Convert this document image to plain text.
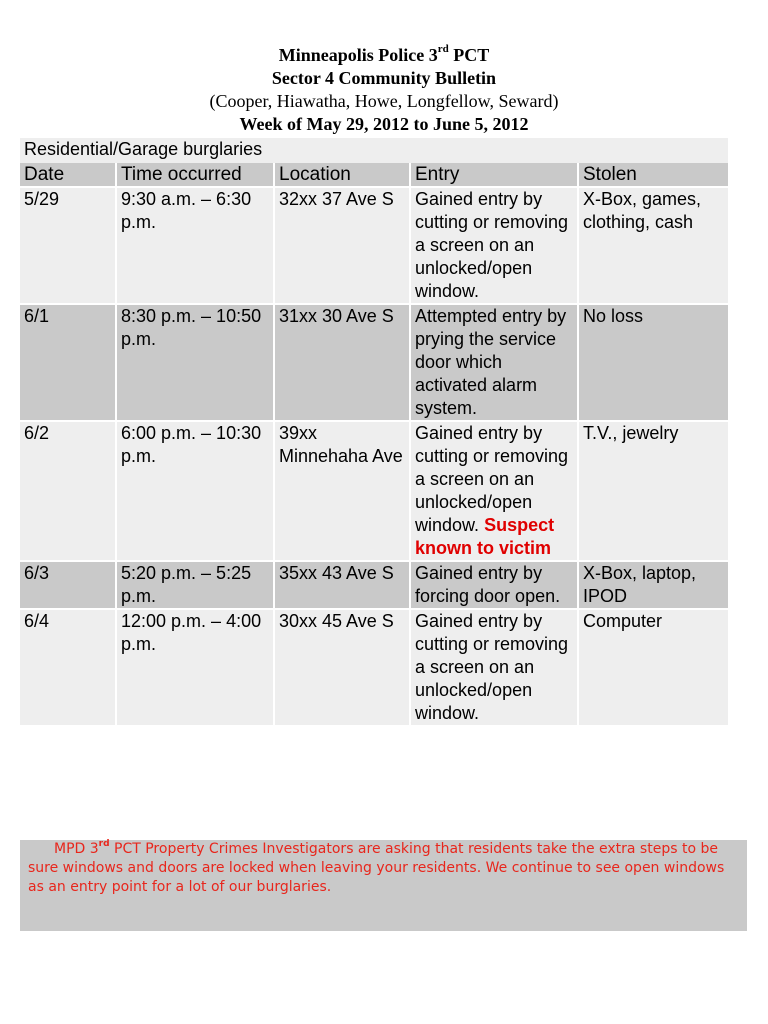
Minneapolis Police 3rd PCT
Sector 4 Community Bulletin
(Cooper, Hiawatha, Howe, Longfellow, Seward)
Week of May 29, 2012 to June 5, 2012
Residential/Garage burglaries				

Date	Time occurred	Location	Entry	Stolen
5/29	9:30 a.m. – 6:30 p.m.	32xx 37 Ave S	Gained entry by cutting or removing a screen on an unlocked/open window.	X-Box, games, clothing, cash
6/1	8:30 p.m. – 10:50 p.m.	31xx 30 Ave S	Attempted entry by prying the service door which activated alarm system.	No loss
6/2	6:00 p.m. – 10:30 p.m.	39xx Minnehaha Ave	Gained entry by cutting or removing a screen on an unlocked/open window. Suspect known to victim	T.V., jewelry
6/3	5:20 p.m. – 5:25 p.m.	35xx 43 Ave S	Gained entry by forcing door open.	X-Box, laptop, IPOD
6/4	12:00 p.m. – 4:00 p.m.	30xx 45 Ave S	Gained entry by cutting or removing a screen on an unlocked/open window.	Computer

MPD 3rd PCT Property Crimes Investigators are asking that residents take the extra steps to be sure windows and doors are locked when leaving your residents. We continue to see open windows as an entry point for a lot of our burglaries.
